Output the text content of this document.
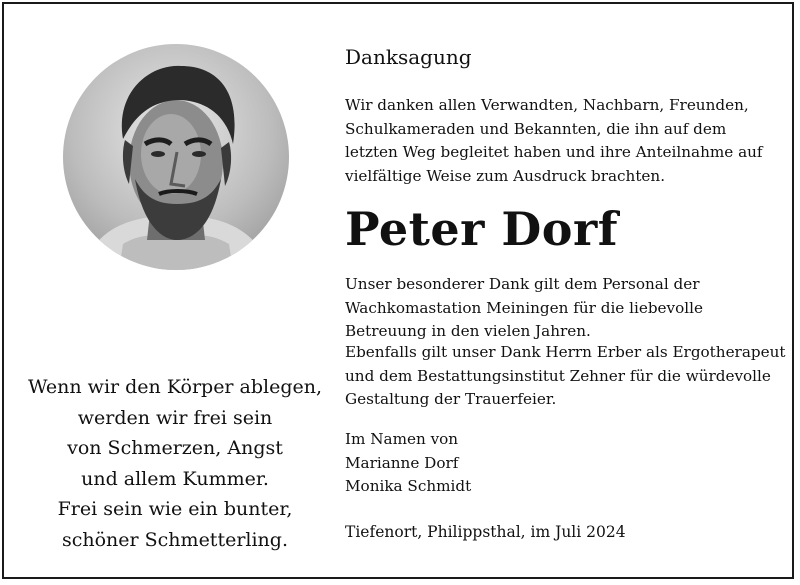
Wenn wir den Körper ablegen,
werden wir frei sein
von Schmerzen, Angst
und allem Kummer.
Frei sein wie ein bunter,
schöner Schmetterling.
Danksagung
Wir danken allen Verwandten, Nachbarn, Freunden,
Schulkameraden und Bekannten, die ihn auf dem
letzten Weg begleitet haben und ihre Anteilnahme auf
vielfältige Weise zum Ausdruck brachten.
Peter Dorf
Unser besonderer Dank gilt dem Personal der
Wachkomastation Meiningen für die liebevolle
Betreuung in den vielen Jahren.
Ebenfalls gilt unser Dank Herrn Erber als Ergotherapeut
und dem Bestattungsinstitut Zehner für die würdevolle
Gestaltung der Trauerfeier.
Im Namen von
Marianne Dorf
Monika Schmidt
Tiefenort, Philippsthal, im Juli 2024
